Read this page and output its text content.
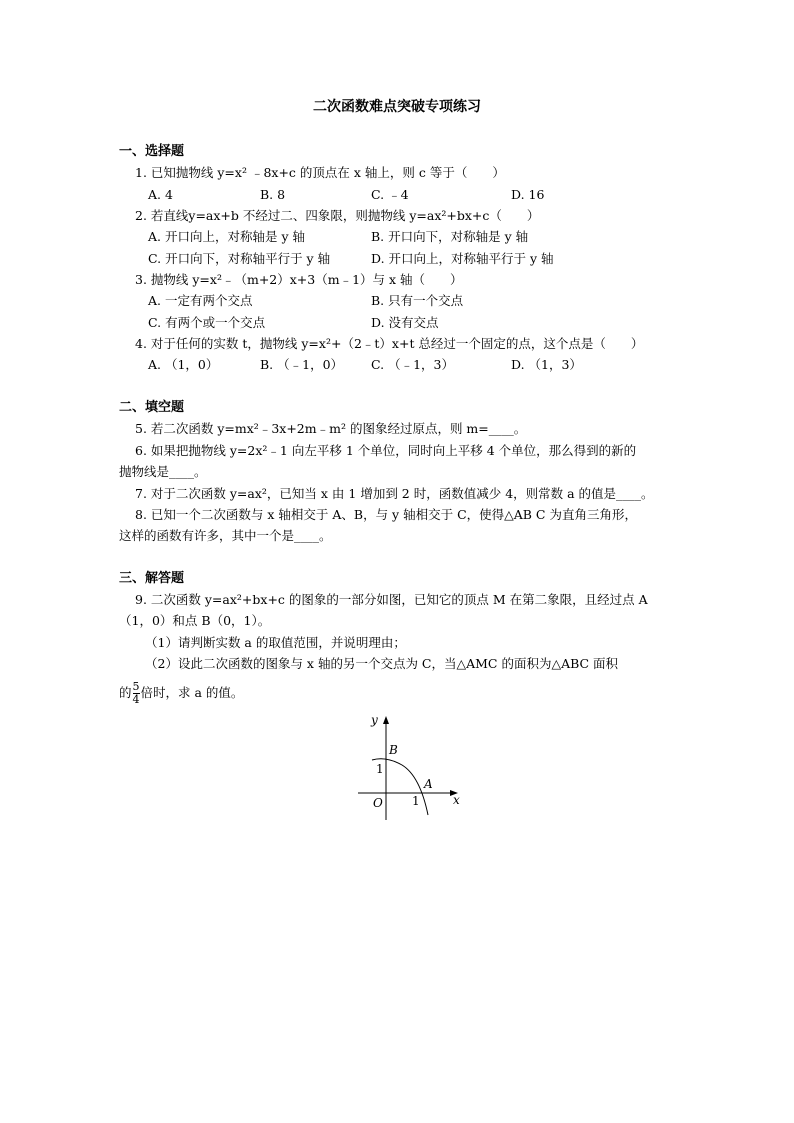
二次函数难点突破专项练习
一、选择题
1. 已知抛物线 y=x² ﹣8x+c 的顶点在 x 轴上，则 c 等于（　　）
A. 4	B. 8	C. ﹣4	D. 16
2. 若直线y=ax+b 不经过二、四象限，则抛物线 y=ax²+bx+c（　　）
A. 开口向上，对称轴是 y 轴	B. 开口向下，对称轴是 y 轴
C. 开口向下，对称轴平行于 y 轴	D. 开口向上，对称轴平行于 y 轴
3. 抛物线 y=x²﹣（m+2）x+3（m﹣1）与 x 轴（　　）
A. 一定有两个交点	B. 只有一个交点
C. 有两个或一个交点	D. 没有交点
4. 对于任何的实数 t，抛物线 y=x²+（2﹣t）x+t 总经过一个固定的点，这个点是（　　）
A. （1，0）	B. （﹣1，0） C. （﹣1，3）	D. （1，3）
二、填空题
5. 若二次函数 y=mx²﹣3x+2m﹣m² 的图象经过原点，则 m=____。
6. 如果把抛物线 y=2x²﹣1 向左平移 1 个单位，同时向上平移 4 个单位，那么得到的新的
抛物线是____。
7. 对于二次函数 y=ax²，已知当 x 由 1 增加到 2 时，函数值减少 4，则常数 a 的值是____。
8. 已知一个二次函数与 x 轴相交于 A、B，与 y 轴相交于 C，使得△AB C 为直角三角形，
这样的函数有许多，其中一个是____。
三、解答题
9. 二次函数 y=ax²+bx+c 的图象的一部分如图，已知它的顶点 M 在第二象限，且经过点 A
（1，0）和点 B（0，1）。
（1）请判断实数 a 的取值范围，并说明理由；
（2）设此二次函数的图象与 x 轴的另一个交点为 C，当△AMC 的面积为△ABC 面积
的 $\frac{5}{4}$ 倍时，求 a 的值。
y
x
O
B
A
1
1
